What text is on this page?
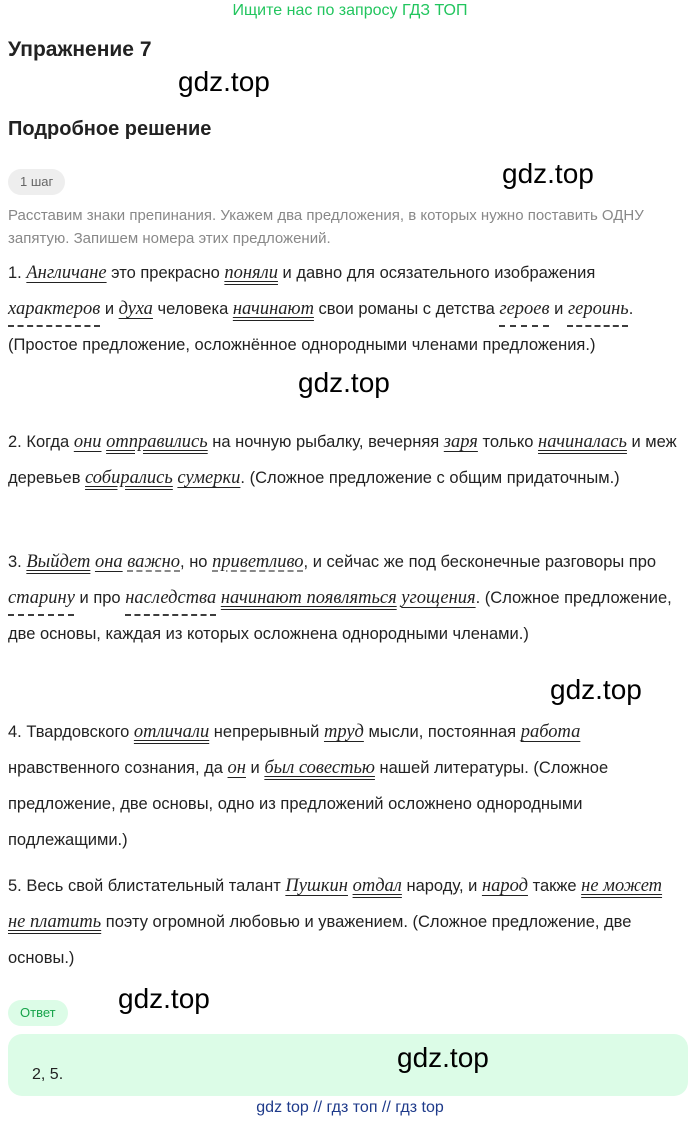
Ищите нас по запросу ГДЗ ТОП
Упражнение 7
gdz.top
Подробное решение
1 шаг	gdz.top
Расставим знаки препинания. Укажем два предложения, в которых нужно поставить ОДНУ запятую. Запишем номера этих предложений.
1. Англичане это прекрасно поняли и давно для осязательного изображения характеров и духа человека начинают свои романы с детства героев и героинь. (Простое предложение, осложнённое однородными членами предложения.)
gdz.top
2. Когда они отправились на ночную рыбалку, вечерняя заря только начиналась и меж деревьев собирались сумерки. (Сложное предложение с общим придаточным.)
3. Выйдет она важно, но приветливо, и сейчас же под бесконечные разговоры про старину и про наследства начинают появляться угощения. (Сложное предложение, две основы, каждая из которых осложнена однородными членами.)
gdz.top
4. Твардовского отличали непрерывный труд мысли, постоянная работа нравственного сознания, да он и был совестью нашей литературы. (Сложное предложение, две основы, одно из предложений осложнено однородными подлежащими.)
5. Весь свой блистательный талант Пушкин отдал народу, и народ также не может не платить поэту огромной любовью и уважением. (Сложное предложение, две основы.)
gdz.top
Ответ
2, 5.
gdz.top
gdz top // гдз топ // гдз top
